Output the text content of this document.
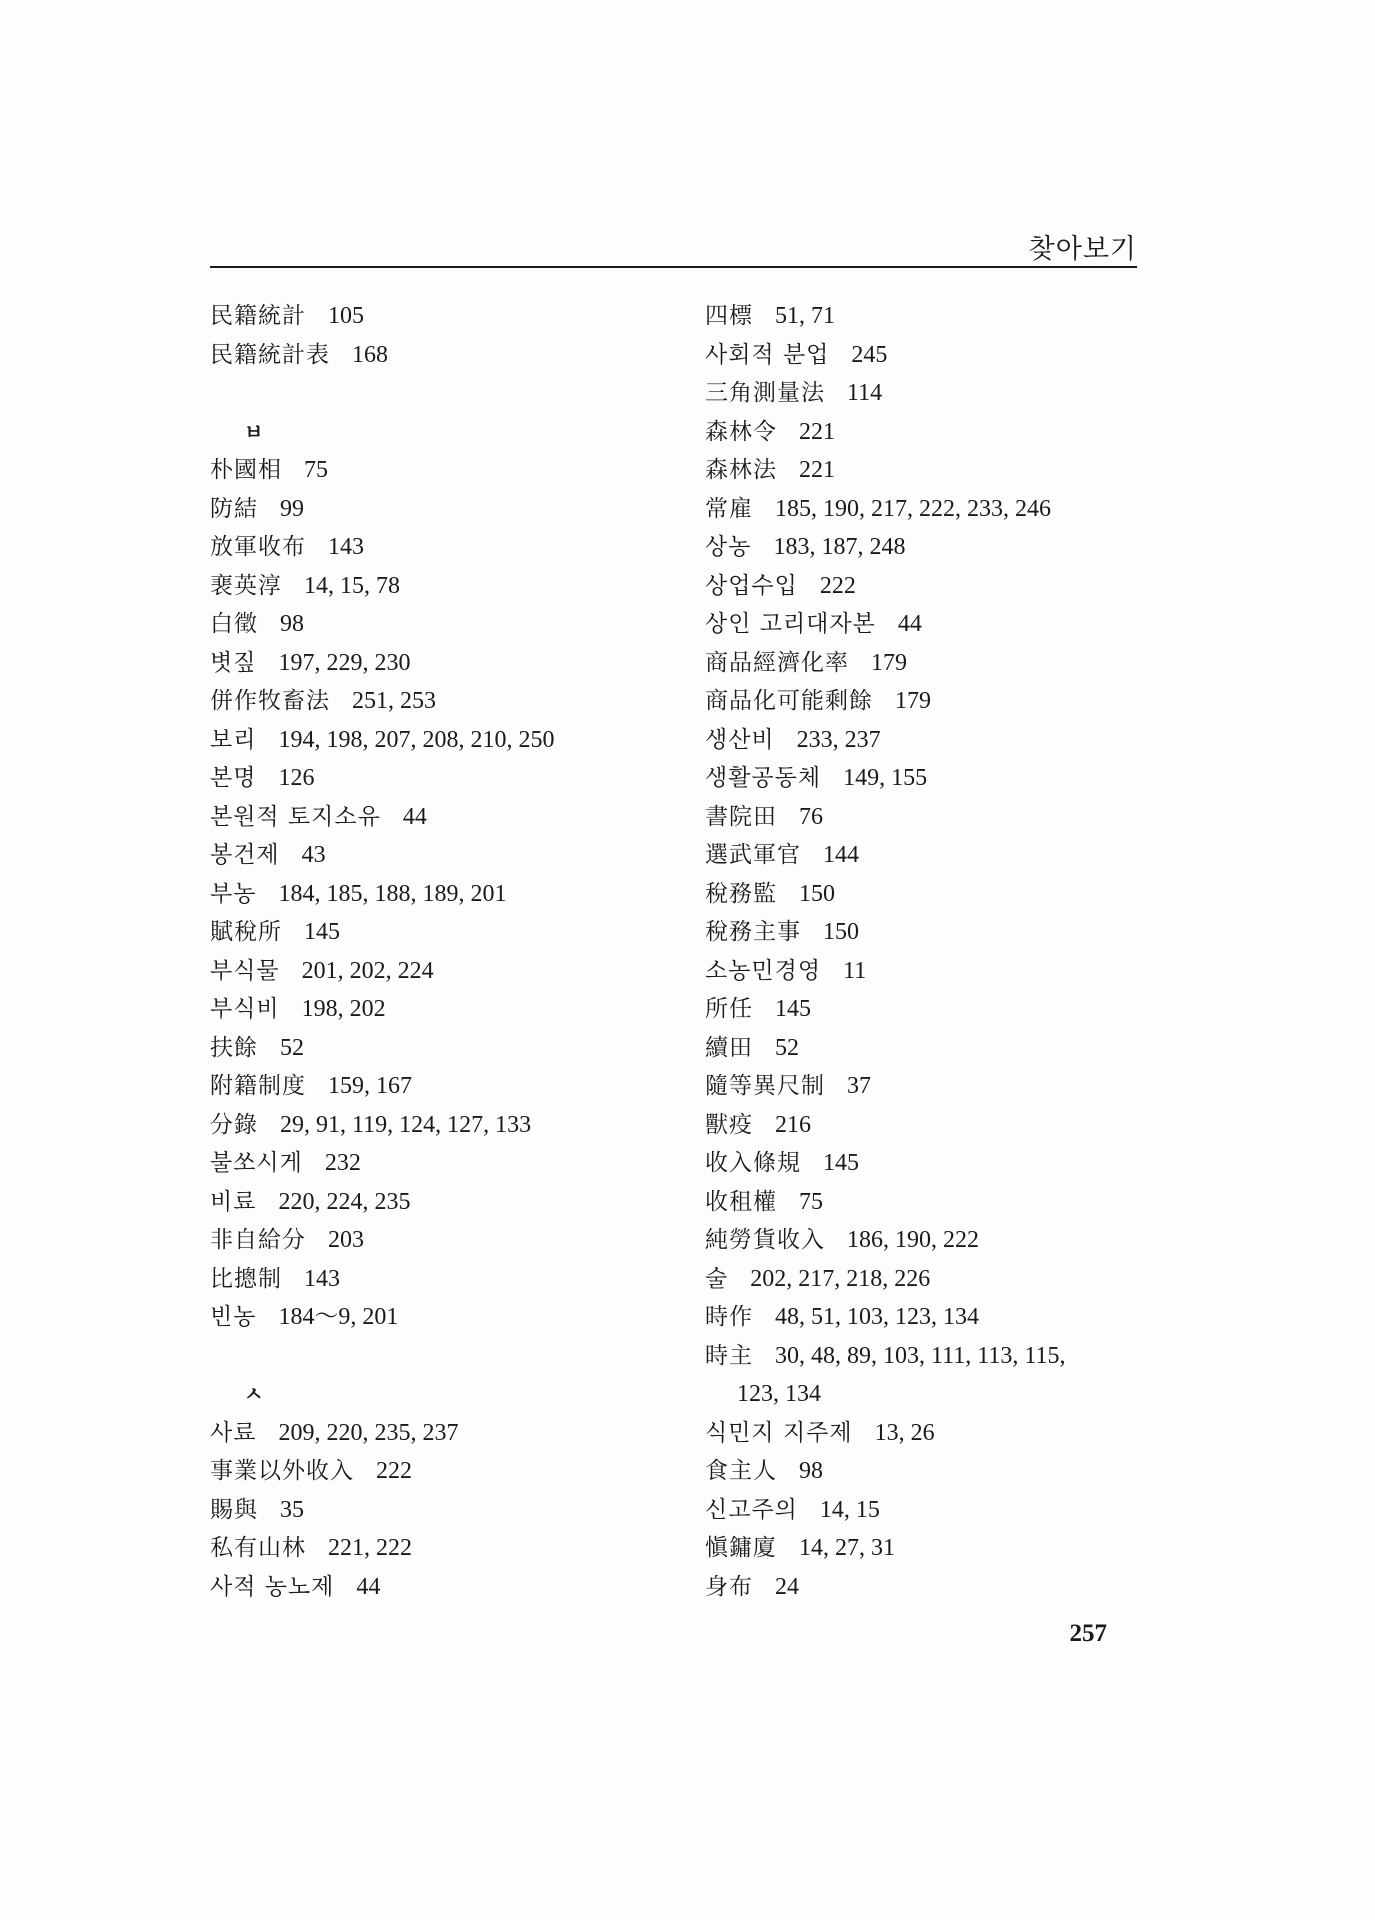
찾아보기
民籍統計 105
民籍統計表 168
ㅂ
朴國相 75
防結 99
放軍收布 143
裵英淳 14, 15, 78
白徵 98
볏짚 197, 229, 230
併作牧畜法 251, 253
보리 194, 198, 207, 208, 210, 250
본명 126
본원적 토지소유 44
봉건제 43
부농 184, 185, 188, 189, 201
賦稅所 145
부식물 201, 202, 224
부식비 198, 202
扶餘 52
附籍制度 159, 167
分錄 29, 91, 119, 124, 127, 133
불쏘시게 232
비료 220, 224, 235
非自給分 203
比摠制 143
빈농 184～9, 201
ㅅ
사료 209, 220, 235, 237
事業以外收入 222
賜與 35
私有山林 221, 222
사적 농노제 44
四標 51, 71
사회적 분업 245
三角測量法 114
森林令 221
森林法 221
常雇 185, 190, 217, 222, 233, 246
상농 183, 187, 248
상업수입 222
상인 고리대자본 44
商品經濟化率 179
商品化可能剩餘 179
생산비 233, 237
생활공동체 149, 155
書院田 76
選武軍官 144
稅務監 150
稅務主事 150
소농민경영 11
所任 145
續田 52
隨等異尺制 37
獸疫 216
收入條規 145
收租權 75
純勞貨收入 186, 190, 222
술 202, 217, 218, 226
時作 48, 51, 103, 123, 134
時主 30, 48, 89, 103, 111, 113, 115,
123, 134
식민지 지주제 13, 26
食主人 98
신고주의 14, 15
愼鏞廈 14, 27, 31
身布 24
257
